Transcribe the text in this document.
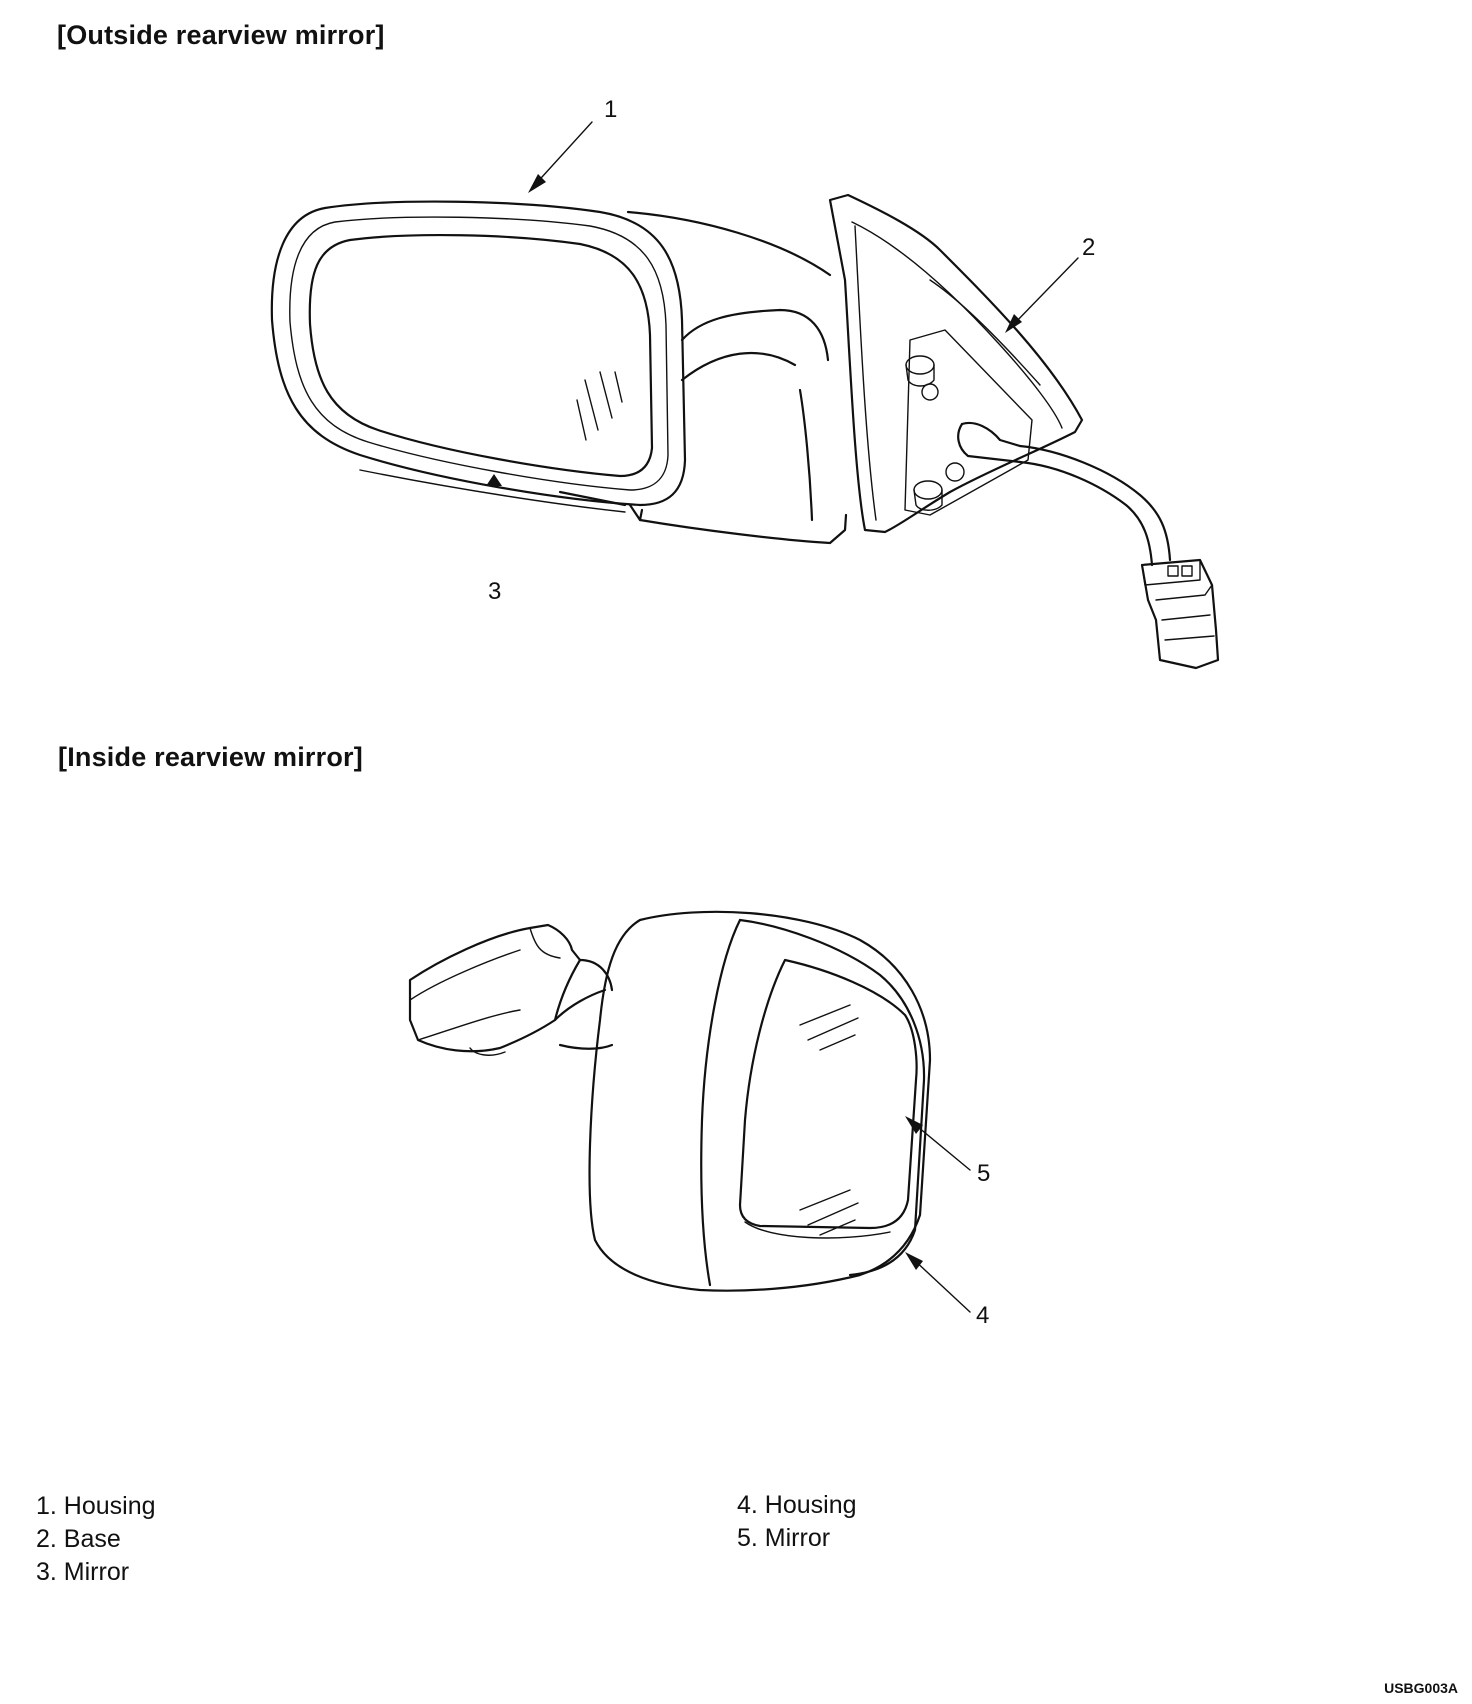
[Outside rearview mirror]
[Inside rearview mirror]
1
2
3
4
5
1. Housing
2. Base
3. Mirror
4. Housing
5. Mirror
USBG003A
